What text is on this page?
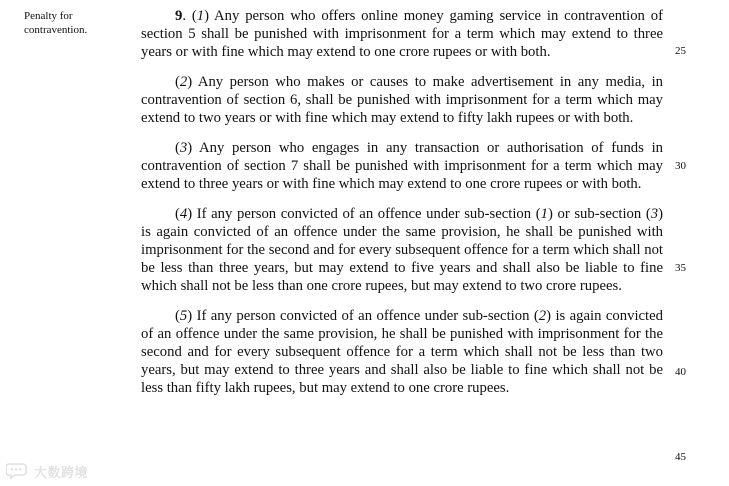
Penalty for
contravention.

9. (1) Any person who offers online money gaming service in contravention of section 5 shall be punished with imprisonment for a term which may extend to three years or with fine which may extend to one crore rupees or with both.

(2) Any person who makes or causes to make advertisement in any media, in contravention of section 6, shall be punished with imprisonment for a term which may extend to two years or with fine which may extend to fifty lakh rupees or with both.

(3) Any person who engages in any transaction or authorisation of funds in contravention of section 7 shall be punished with imprisonment for a term which may extend to three years or with fine which may extend to one crore rupees or with both.

(4) If any person convicted of an offence under sub-section (1) or sub-section (3) is again convicted of an offence under the same provision, he shall be punished with imprisonment for the second and for every subsequent offence for a term which shall not be less than three years, but may extend to five years and shall also be liable to fine which shall not be less than one crore rupees, but may extend to two crore rupees.

(5) If any person convicted of an offence under sub-section (2) is again convicted of an offence under the same provision, he shall be punished with imprisonment for the second and for every subsequent offence for a term which shall not be less than two years, but may extend to three years and shall also be liable to fine which shall not be less than fifty lakh rupees, but may extend to one crore rupees.

25
30
35
40
45
大数跨境
